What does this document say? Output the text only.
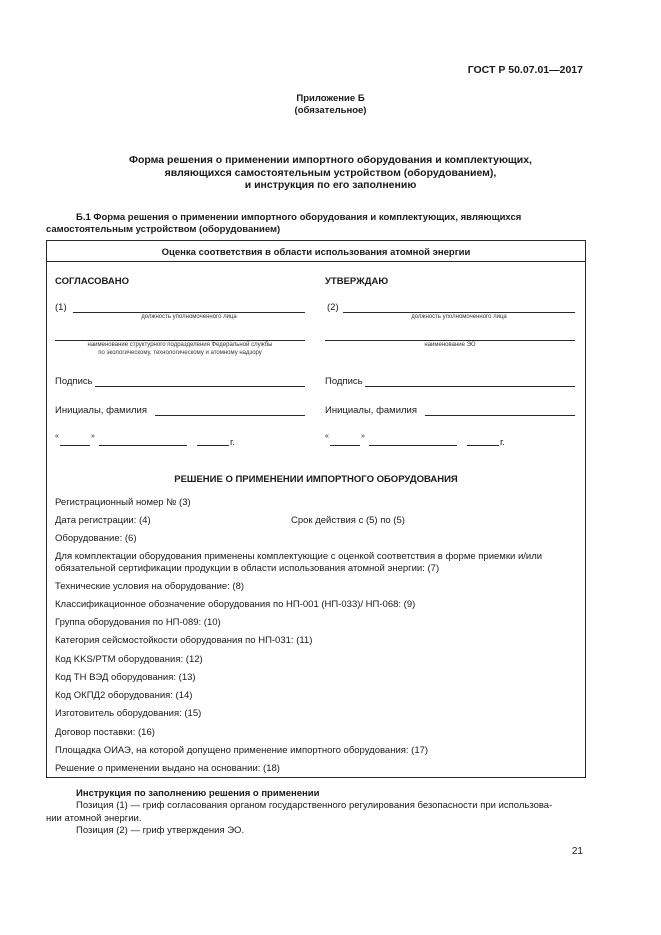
ГОСТ Р 50.07.01—2017
Приложение Б
(обязательное)
Форма решения о применении импортного оборудования и комплектующих,
являющихся самостоятельным устройством (оборудованием),
и инструкция по его заполнению
Б.1 Форма решения о применении импортного оборудования и комплектующих, являющихся
самостоятельным устройством (оборудованием)
Оценка соответствия в области использования атомной энергии
СОГЛАСОВАНО
(1)
должность уполномоченного лица
наименование структурного подразделения Федеральной службы
по экологическому, технологическому и атомному надзору
Подпись
Инициалы, фамилия
«	»
г.
УТВЕРЖДАЮ
(2)
должность уполномоченного лица
наименование ЭО
Подпись
Инициалы, фамилия
«	»
г.
РЕШЕНИЕ О ПРИМЕНЕНИИ ИМПОРТНОГО ОБОРУДОВАНИЯ
Регистрационный номер № (3)
Дата регистрации: (4)	Срок действия с (5) по (5)
Оборудование: (6)
Для комплектации оборудования применены комплектующие с оценкой соответствия в форме приемки и/или
обязательной сертификации продукции в области использования атомной энергии: (7)
Технические условия на оборудование: (8)
Классификационное обозначение оборудования по НП-001 (НП-033)/ НП-068: (9)
Группа оборудования по НП-089: (10)
Категория сейсмостойкости оборудования по НП-031: (11)
Код KKS/PTM оборудования: (12)
Код ТН ВЭД оборудования: (13)
Код ОКПД2 оборудования: (14)
Изготовитель оборудования: (15)
Договор поставки: (16)
Площадка ОИАЭ, на которой допущено применение импортного оборудования: (17)
Решение о применении выдано на основании: (18)
Инструкция по заполнению решения о применении
Позиция (1) — гриф согласования органом государственного регулирования безопасности при использова-
нии атомной энергии.
Позиция (2) — гриф утверждения ЭО.
21
